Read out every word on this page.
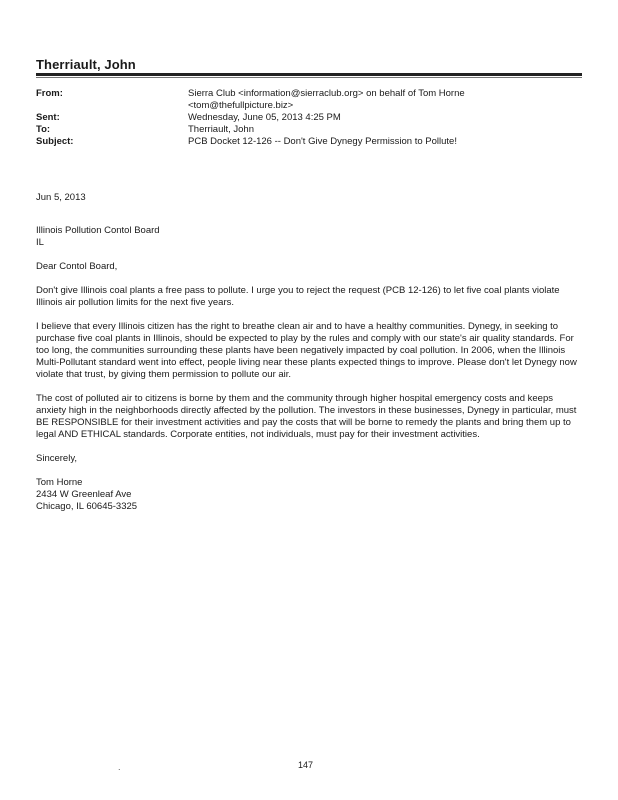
Therriault, John
From:	Sierra Club <information@sierraclub.org> on behalf of Tom Horne
<tom@thefullpicture.biz>
Sent:	Wednesday, June 05, 2013 4:25 PM
To:	Therriault, John
Subject:	PCB Docket 12-126 -- Don't Give Dynegy Permission to Pollute!

Jun 5, 2013

Illinois Pollution Contol Board

IL

Dear Contol Board,

Don't give Illinois coal plants a free pass to pollute. I urge you to reject the request (PCB 12-126) to let five coal plants violate Illinois air pollution limits for the next five years.

I believe that every Illinois citizen has the right to breathe clean air and to have a healthy communities. Dynegy, in seeking to purchase five coal plants in Illinois, should be expected to play by the rules and comply with our state's air quality standards. For too long, the communities surrounding these plants have been negatively impacted by coal pollution. In 2006, when the Illinois Multi-Pollutant standard went into effect, people living near these plants expected things to improve. Please don't let Dynegy now violate that trust, by giving them permission to pollute our air.

The cost of polluted air to citizens is borne by them and the community through higher hospital emergency costs and keeps anxiety high in the neighborhoods directly affected by the pollution. The investors in these businesses, Dynegy in particular, must BE RESPONSIBLE for their investment activities and pay the costs that will be borne to remedy the plants and bring them up to legal AND ETHICAL standards. Corporate entities, not individuals, must pay for their investment activities.

Sincerely,

Tom Horne

2434 W Greenleaf Ave

Chicago, IL 60645-3325

.	147
